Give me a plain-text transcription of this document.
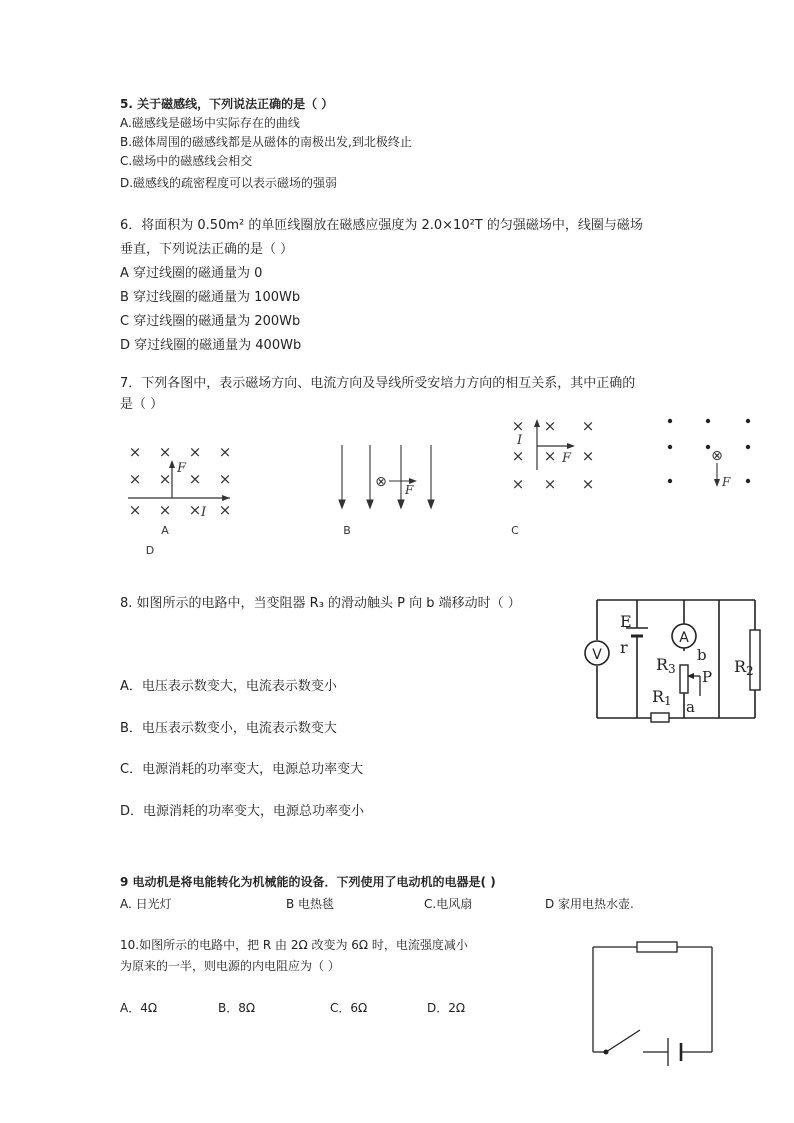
5. 关于磁感线，下列说法正确的是（ ）
A.磁感线是磁场中实际存在的曲线
B.磁体周围的磁感线都是从磁体的南极出发,到北极终止
C.磁场中的磁感线会相交
D.磁感线的疏密程度可以表示磁场的强弱
6．将面积为 0.50m² 的单匝线圈放在磁感应强度为 2.0×10²T 的匀强磁场中，线圈与磁场
垂直，下列说法正确的是（ ）
A 穿过线圈的磁通量为 0
B 穿过线圈的磁通量为 100Wb
C 穿过线圈的磁通量为 200Wb
D 穿过线圈的磁通量为 400Wb
7．下列各图中，表示磁场方向、电流方向及导线所受安培力方向的相互关系，其中正确的
是（ ）
× × × ×
× × × ×
× × × ×
× × ×
× × ×
× × ×
F
I
⊗ F
I
F	⊗
F
A	B	C
D
8. 如图所示的电路中，当变阻器 R₃ 的滑动触头 P 向 b 端移动时（ ）
A．电压表示数变大，电流表示数变小
B．电压表示数变小，电流表示数变大
C．电源消耗的功率变大，电源总功率变大
D．电源消耗的功率变大，电源总功率变小
V
A
E
r
R3
b
P
a
R1
R2
9 电动机是将电能转化为机械能的设备．下列使用了电动机的电器是( )
A. 日光灯	B 电热毯	C.电风扇	D 家用电热水壶.
10.如图所示的电路中，把 R 由 2Ω 改变为 6Ω 时，电流强度减小
为原来的一半，则电源的内电阻应为（ ）
A．4Ω	B．8Ω	C．6Ω	D．2Ω
